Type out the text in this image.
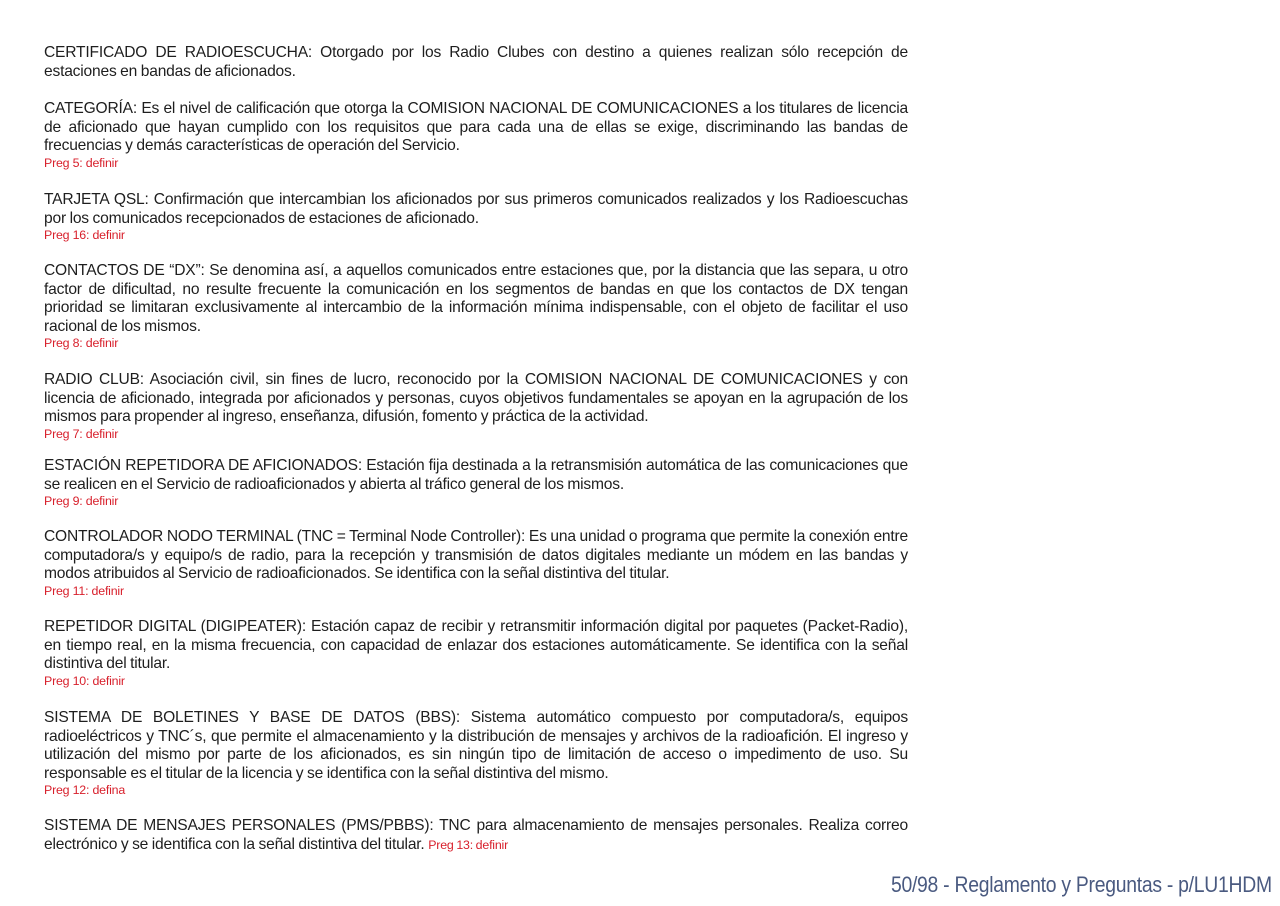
CERTIFICADO DE RADIOESCUCHA: Otorgado por los Radio Clubes con destino a quienes realizan sólo recepción de estaciones en bandas de aficionados.

CATEGORÍA: Es el nivel de calificación que otorga la COMISION NACIONAL DE COMUNICACIONES a los titulares de licencia de aficionado que hayan cumplido con los requisitos que para cada una de ellas se exige, discriminando las bandas de frecuencias y demás características de operación del Servicio.

Preg 5: definir

TARJETA QSL: Confirmación que intercambian los aficionados por sus primeros comunicados realizados y los Radioescuchas por los comunicados recepcionados de estaciones de aficionado.

Preg 16: definir

CONTACTOS DE “DX”: Se denomina así, a aquellos comunicados entre estaciones que, por la distancia que las separa, u otro factor de dificultad, no resulte frecuente la comunicación en los segmentos de bandas en que los contactos de DX tengan prioridad se limitaran exclusivamente al intercambio de la información mínima indispensable, con el objeto de facilitar el uso racional de los mismos.

Preg 8: definir

RADIO CLUB: Asociación civil, sin fines de lucro, reconocido por la COMISION NACIONAL DE COMUNICACIONES y con licencia de aficionado, integrada por aficionados y personas, cuyos objetivos fundamentales se apoyan en la agrupación de los mismos para propender al ingreso, enseñanza, difusión, fomento y práctica de la actividad.

Preg 7: definir

ESTACIÓN REPETIDORA DE AFICIONADOS: Estación fija destinada a la retransmisión automática de las comunicaciones que se realicen en el Servicio de radioaficionados y abierta al tráfico general de los mismos.

Preg 9: definir

CONTROLADOR NODO TERMINAL (TNC = Terminal Node Controller): Es una unidad o programa que permite la conexión entre computadora/s y equipo/s de radio, para la recepción y transmisión de datos digitales mediante un módem en las bandas y modos atribuidos al Servicio de radioaficionados. Se identifica con la señal distintiva del titular.

Preg 11: definir

REPETIDOR DIGITAL (DIGIPEATER): Estación capaz de recibir y retransmitir información digital por paquetes (Packet-Radio), en tiempo real, en la misma frecuencia, con capacidad de enlazar dos estaciones automáticamente. Se identifica con la señal distintiva del titular.

Preg 10: definir

SISTEMA DE BOLETINES Y BASE DE DATOS (BBS): Sistema automático compuesto por computadora/s, equipos radioeléctricos y TNC´s, que permite el almacenamiento y la distribución de mensajes y archivos de la radioafición. El ingreso y utilización del mismo por parte de los aficionados, es sin ningún tipo de limitación de acceso o impedimento de uso. Su responsable es el titular de la licencia y se identifica con la señal distintiva del mismo.

Preg 12: defina

SISTEMA DE MENSAJES PERSONALES (PMS/PBBS): TNC para almacenamiento de mensajes personales. Realiza correo electrónico y se identifica con la señal distintiva del titular. Preg 13: definir

50/98 - Reglamento y Preguntas - p/LU1HDM
